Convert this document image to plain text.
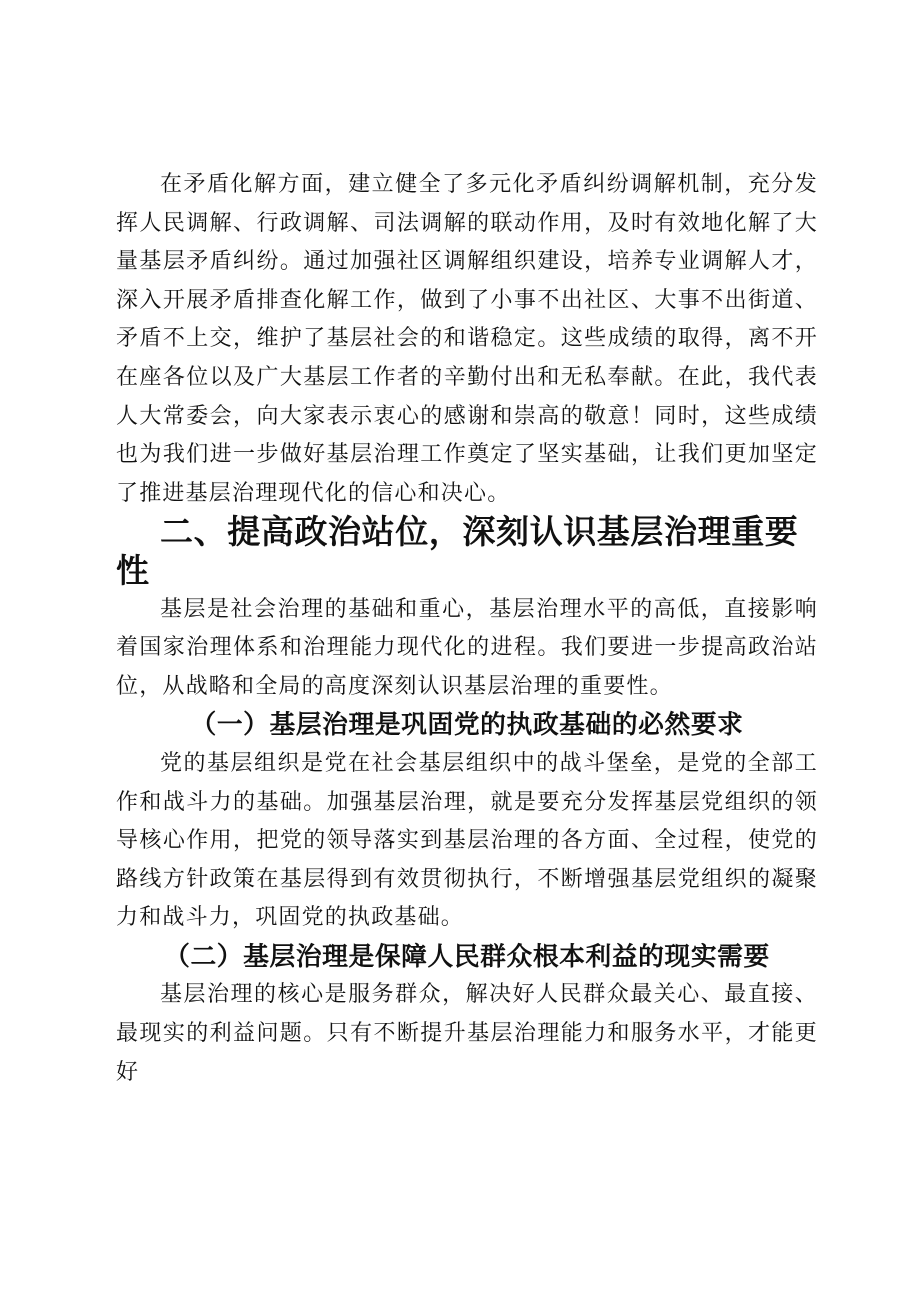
在矛盾化解方面，建立健全了多元化矛盾纠纷调解机制，充分发挥人民调解、行政调解、司法调解的联动作用，及时有效地化解了大量基层矛盾纠纷。通过加强社区调解组织建设，培养专业调解人才，深入开展矛盾排查化解工作，做到了小事不出社区、大事不出街道、矛盾不上交，维护了基层社会的和谐稳定。这些成绩的取得，离不开在座各位以及广大基层工作者的辛勤付出和无私奉献。在此，我代表人大常委会，向大家表示衷心的感谢和崇高的敬意！同时，这些成绩也为我们进一步做好基层治理工作奠定了坚实基础，让我们更加坚定了推进基层治理现代化的信心和决心。

二、提高政治站位，深刻认识基层治理重要性

基层是社会治理的基础和重心，基层治理水平的高低，直接影响着国家治理体系和治理能力现代化的进程。我们要进一步提高政治站位，从战略和全局的高度深刻认识基层治理的重要性。

（一）基层治理是巩固党的执政基础的必然要求

党的基层组织是党在社会基层组织中的战斗堡垒，是党的全部工作和战斗力的基础。加强基层治理，就是要充分发挥基层党组织的领导核心作用，把党的领导落实到基层治理的各方面、全过程，使党的路线方针政策在基层得到有效贯彻执行，不断增强基层党组织的凝聚力和战斗力，巩固党的执政基础。

（二）基层治理是保障人民群众根本利益的现实需要

基层治理的核心是服务群众，解决好人民群众最关心、最直接、最现实的利益问题。只有不断提升基层治理能力和服务水平，才能更好
